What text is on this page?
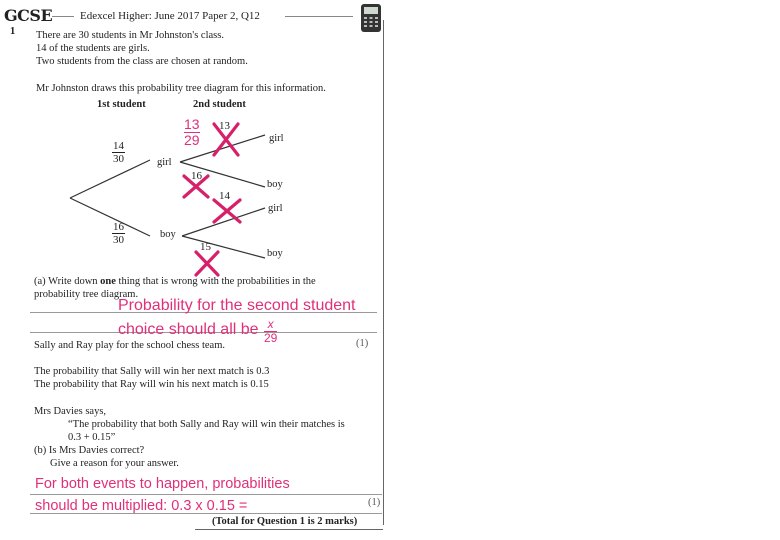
GCSE	Edexcel Higher: June 2017 Paper 2, Q12
1 There are 30 students in Mr Johnston's class.
14 of the students are girls.
Two students from the class are chosen at random.
Mr Johnston draws this probability tree diagram for this information.
1st student	2nd student
$\frac{14}{30}$	girl
$\frac{16}{30}$	boy
$\frac{13}{29} 13$
girl
16
boy
14
girl
15
boy
(a) Write down one thing that is wrong with the probabilities in the
probability tree diagram.
Probability for the second student
choice should all be $\frac{x}{29}$	(1)
Sally and Ray play for the school chess team.
The probability that Sally will win her next match is 0.3
The probability that Ray will win his next match is 0.15
Mrs Davies says,
“The probability that both Sally and Ray will win their matches is
0.3 + 0.15”
(b) Is Mrs Davies correct?
Give a reason for your answer.
For both events to happen, probabilities
should be multiplied: 0.3 x 0.15 =	(1)
(Total for Question 1 is 2 marks)
